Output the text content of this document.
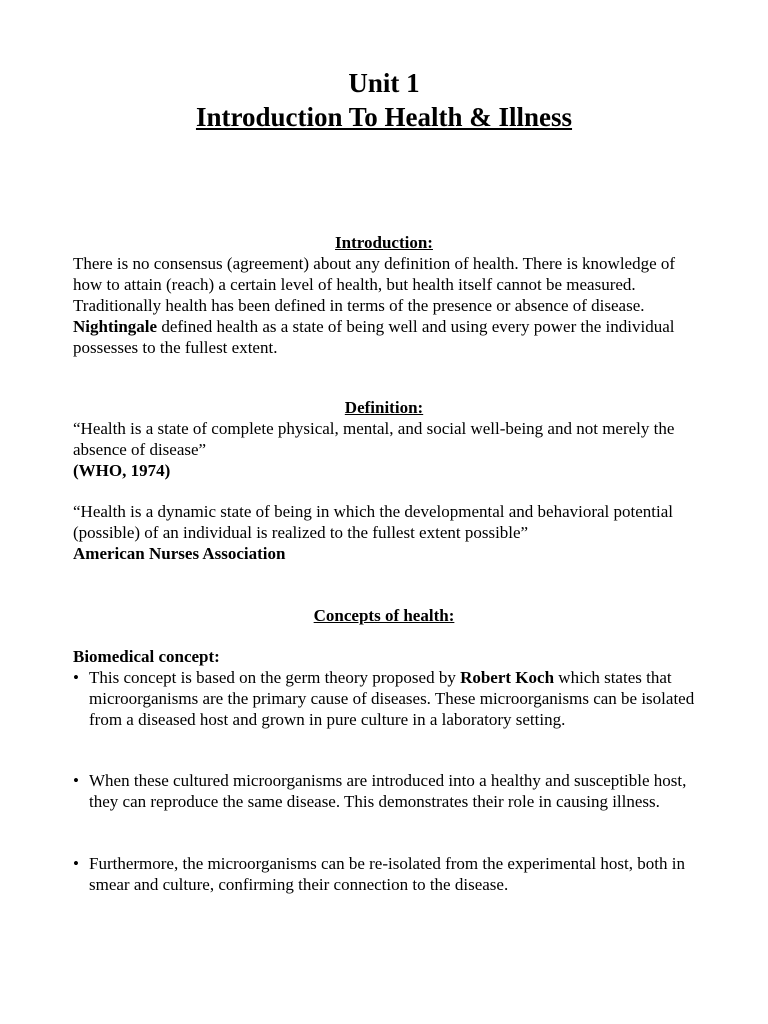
Unit 1
Introduction To Health & Illness
Introduction:
There is no consensus (agreement) about any definition of health. There is knowledge of how to attain (reach) a certain level of health, but health itself cannot be measured. Traditionally health has been defined in terms of the presence or absence of disease. Nightingale defined health as a state of being well and using every power the individual possesses to the fullest extent.
Definition:
“Health is a state of complete physical, mental, and social well-being and not merely the absence of disease”
(WHO, 1974)
“Health is a dynamic state of being in which the developmental and behavioral potential (possible) of an individual is realized to the fullest extent possible”
American Nurses Association
Concepts of health:
Biomedical concept:
• This concept is based on the germ theory proposed by Robert Koch which states that microorganisms are the primary cause of diseases. These microorganisms can be isolated from a diseased host and grown in pure culture in a laboratory setting.
• When these cultured microorganisms are introduced into a healthy and susceptible host, they can reproduce the same disease. This demonstrates their role in causing illness.
• Furthermore, the microorganisms can be re-isolated from the experimental host, both in smear and culture, confirming their connection to the disease.
